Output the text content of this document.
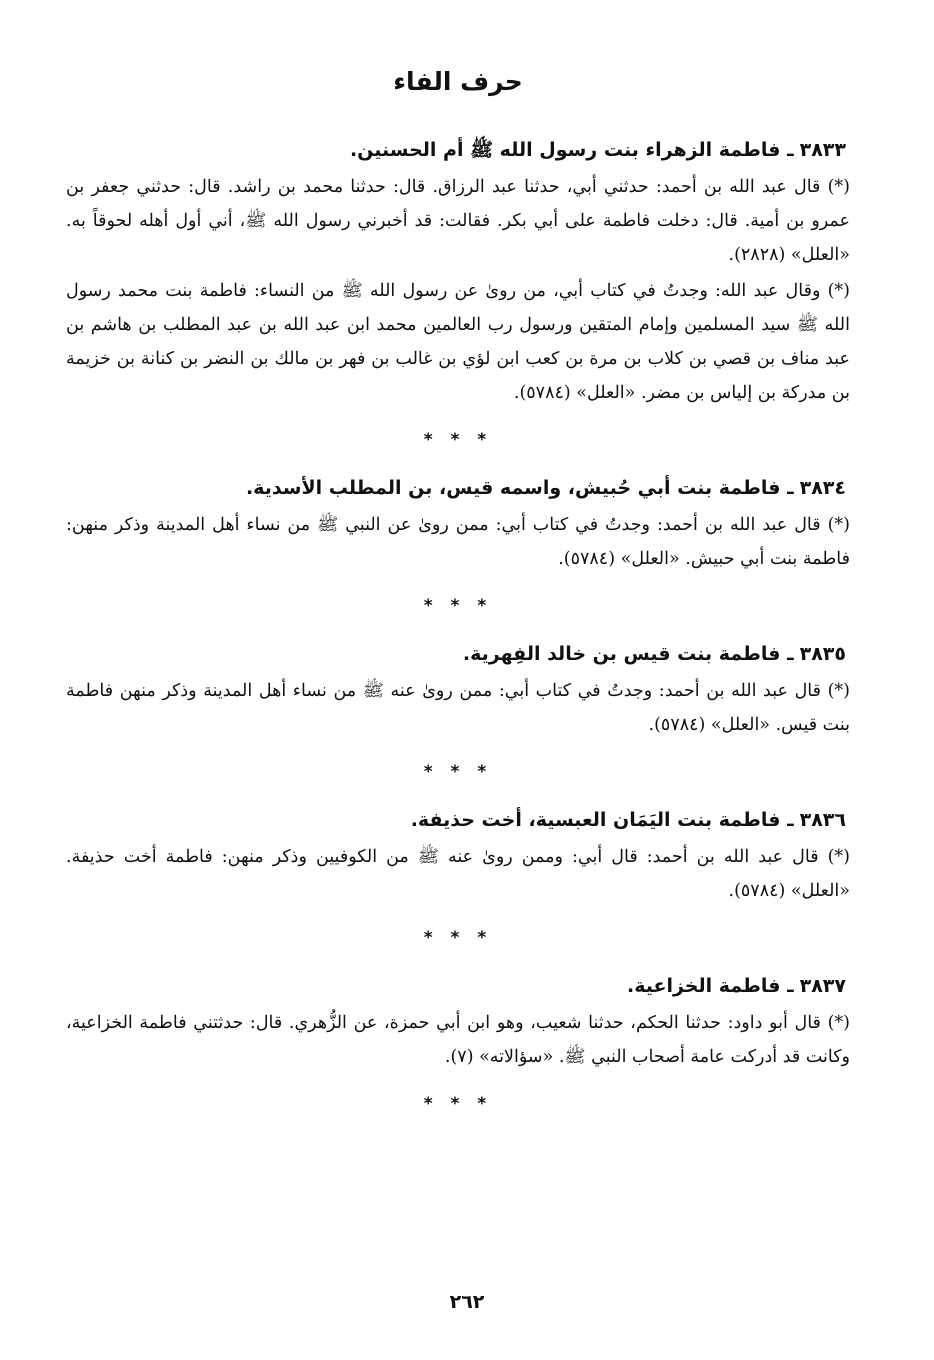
حرف الفاء
٣٨٣٣ـ فاطمة الزهراء بنت رسول الله ﷺ أم الحسنين.

(*) قال عبد الله بن أحمد: حدثني أبي، حدثنا عبد الرزاق. قال: حدثنا محمد بن راشد. قال: حدثني جعفر بن عمرو بن أمية. قال: دخلت فاطمة على أبي بكر. فقالت: قد أخبرني رسول الله ﷺ، أني أول أهله لحوقاً به. «العلل» (٢٨٢٨).

(*) وقال عبد الله: وجدتُ في كتاب أبي، من روىٰ عن رسول الله ﷺ من النساء: فاطمة بنت محمد رسول الله ﷺ سيد المسلمين وإمام المتقين ورسول رب العالمين محمد ابن عبد الله بن عبد المطلب بن هاشم بن عبد مناف بن قصي بن كلاب بن مرة بن كعب ابن لؤي بن غالب بن فهر بن مالك بن النضر بن كنانة بن خزيمة بن مدركة بن إلياس بن مضر. «العلل» (٥٧٨٤).

* * *
٣٨٣٤ـ فاطمة بنت أبي حُبيش، واسمه قيس، بن المطلب الأسدية.

(*) قال عبد الله بن أحمد: وجدتُ في كتاب أبي: ممن روىٰ عن النبي ﷺ من نساء أهل المدينة وذكر منهن: فاطمة بنت أبي حبيش. «العلل» (٥٧٨٤).

* * *
٣٨٣٥ـ فاطمة بنت قيس بن خالد الفِهرية.

(*) قال عبد الله بن أحمد: وجدتُ في كتاب أبي: ممن روىٰ عنه ﷺ من نساء أهل المدينة وذكر منهن فاطمة بنت قيس. «العلل» (٥٧٨٤).

* * *
٣٨٣٦ـ فاطمة بنت اليَمَان العبسية، أخت حذيفة.

(*) قال عبد الله بن أحمد: قال أبي: وممن روىٰ عنه ﷺ من الكوفيين وذكر منهن: فاطمة أخت حذيفة. «العلل» (٥٧٨٤).

* * *
٣٨٣٧ـ فاطمة الخزاعية.

(*) قال أبو داود: حدثنا الحكم، حدثنا شعيب، وهو ابن أبي حمزة، عن الزُّهري. قال: حدثتني فاطمة الخزاعية، وكانت قد أدركت عامة أصحاب النبي ﷺ. «سؤالاته» (٧).

* * *
٢٦٢
